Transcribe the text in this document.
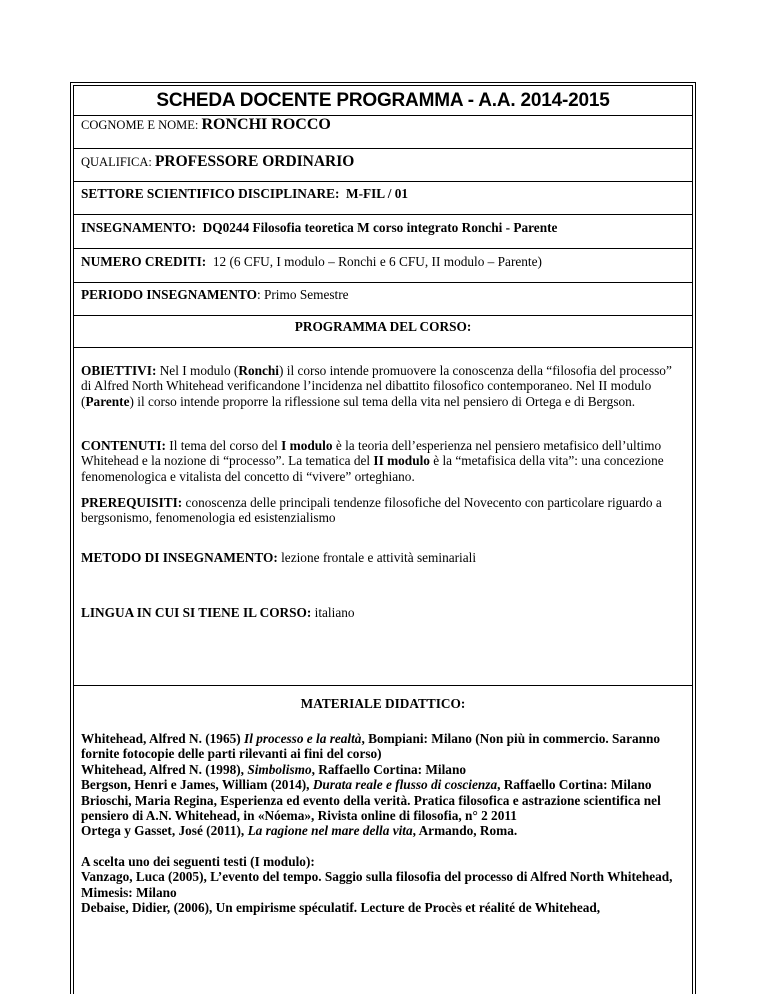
SCHEDA DOCENTE PROGRAMMA - A.A. 2014-2015
COGNOME E NOME: RONCHI ROCCO
QUALIFICA: PROFESSORE ORDINARIO
SETTORE SCIENTIFICO DISCIPLINARE: M-FIL / 01
INSEGNAMENTO: DQ0244 Filosofia teoretica M corso integrato Ronchi - Parente
NUMERO CREDITI: 12 (6 CFU, I modulo – Ronchi e 6 CFU, II modulo – Parente)
PERIODO INSEGNAMENTO: Primo Semestre
PROGRAMMA DEL CORSO:

OBIETTIVI: Nel I modulo (Ronchi) il corso intende promuovere la conoscenza della “filosofia del processo” di Alfred North Whitehead verificandone l’incidenza nel dibattito filosofico contemporaneo. Nel II modulo (Parente) il corso intende proporre la riflessione sul tema della vita nel pensiero di Ortega e di Bergson.

CONTENUTI: Il tema del corso del I modulo è la teoria dell’esperienza nel pensiero metafisico dell’ultimo Whitehead e la nozione di “processo”. La tematica del II modulo è la “metafisica della vita”: una concezione fenomenologica e vitalista del concetto di “vivere” orteghiano.

PREREQUISITI: conoscenza delle principali tendenze filosofiche del Novecento con particolare riguardo a bergsonismo, fenomenologia ed esistenzialismo

METODO DI INSEGNAMENTO: lezione frontale e attività seminariali

LINGUA IN CUI SI TIENE IL CORSO: italiano

MATERIALE DIDATTICO:

Whitehead, Alfred N. (1965) Il processo e la realtà, Bompiani: Milano (Non più in commercio. Saranno fornite fotocopie delle parti rilevanti ai fini del corso)

Whitehead, Alfred N. (1998), Simbolismo, Raffaello Cortina: Milano

Bergson, Henri e James, William (2014), Durata reale e flusso di coscienza, Raffaello Cortina: Milano

Brioschi, Maria Regina, Esperienza ed evento della verità. Pratica filosofica e astrazione scientifica nel pensiero di A.N. Whitehead, in «Nóema», Rivista online di filosofia, n° 2 2011

Ortega y Gasset, José (2011), La ragione nel mare della vita, Armando, Roma.

A scelta uno dei seguenti testi (I modulo):

Vanzago, Luca (2005), L’evento del tempo. Saggio sulla filosofia del processo di Alfred North Whitehead, Mimesis: Milano

Debaise, Didier, (2006), Un empirisme spéculatif. Lecture de Procès et réalité de Whitehead,
